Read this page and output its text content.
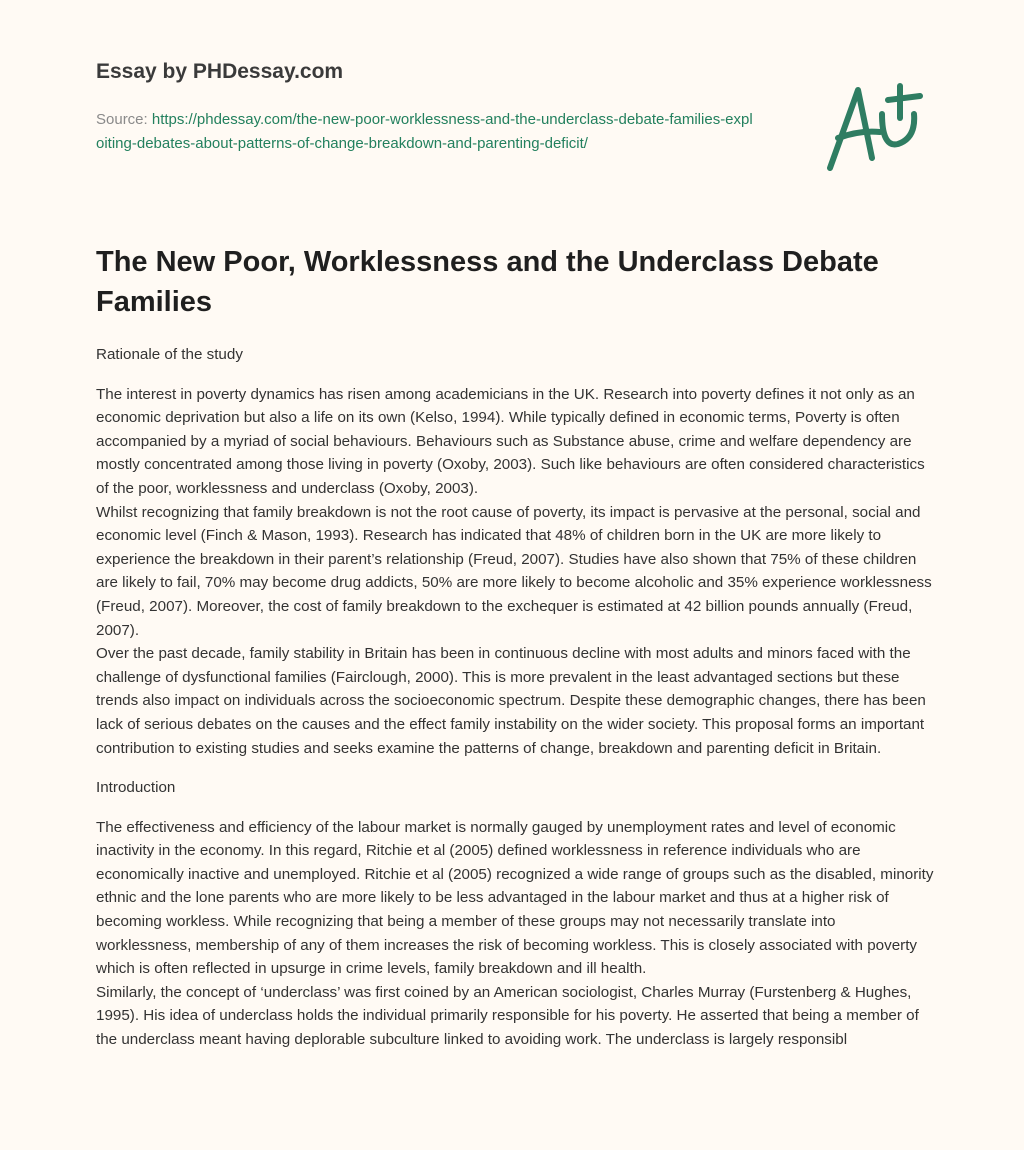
Essay by PHDessay.com
Source: https://phdessay.com/the-new-poor-worklessness-and-the-underclass-debate-families-exploiting-debates-about-patterns-of-change-breakdown-and-parenting-deficit/
The New Poor, Worklessness and the Underclass Debate Families

Rationale of the study

The interest in poverty dynamics has risen among academicians in the UK. Research into poverty defines it not only as an economic deprivation but also a life on its own (Kelso, 1994). While typically defined in economic terms, Poverty is often accompanied by a myriad of social behaviours. Behaviours such as Substance abuse, crime and welfare dependency are mostly concentrated among those living in poverty (Oxoby, 2003). Such like behaviours are often considered characteristics of the poor, worklessness and underclass (Oxoby, 2003).

Whilst recognizing that family breakdown is not the root cause of poverty, its impact is pervasive at the personal, social and economic level (Finch & Mason, 1993). Research has indicated that 48% of children born in the UK are more likely to experience the breakdown in their parent’s relationship (Freud, 2007). Studies have also shown that 75% of these children are likely to fail, 70% may become drug addicts, 50% are more likely to become alcoholic and 35% experience worklessness (Freud, 2007). Moreover, the cost of family breakdown to the exchequer is estimated at 42 billion pounds annually (Freud, 2007).

Over the past decade, family stability in Britain has been in continuous decline with most adults and minors faced with the challenge of dysfunctional families (Fairclough, 2000). This is more prevalent in the least advantaged sections but these trends also impact on individuals across the socioeconomic spectrum. Despite these demographic changes, there has been lack of serious debates on the causes and the effect family instability on the wider society. This proposal forms an important contribution to existing studies and seeks examine the patterns of change, breakdown and parenting deficit in Britain.

Introduction

The effectiveness and efficiency of the labour market is normally gauged by unemployment rates and level of economic inactivity in the economy. In this regard, Ritchie et al (2005) defined worklessness in reference individuals who are economically inactive and unemployed. Ritchie et al (2005) recognized a wide range of groups such as the disabled, minority ethnic and the lone parents who are more likely to be less advantaged in the labour market and thus at a higher risk of becoming workless. While recognizing that being a member of these groups may not necessarily translate into worklessness, membership of any of them increases the risk of becoming workless. This is closely associated with poverty which is often reflected in upsurge in crime levels, family breakdown and ill health.

Similarly, the concept of ‘underclass’ was first coined by an American sociologist, Charles Murray (Furstenberg & Hughes, 1995). His idea of underclass holds the individual primarily responsible for his poverty. He asserted that being a member of the underclass meant having deplorable subculture linked to avoiding work. The underclass is largely responsibl
